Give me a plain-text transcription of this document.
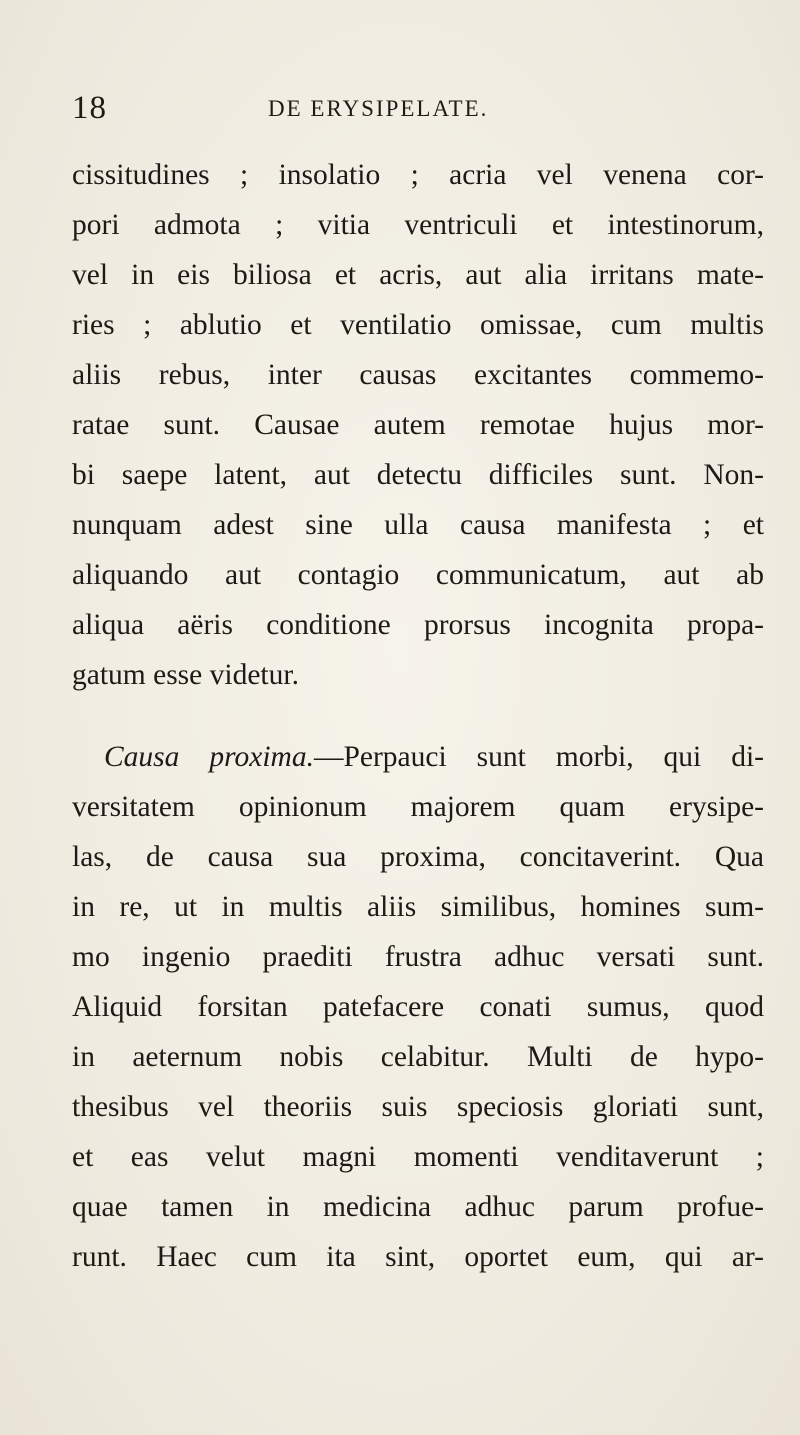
18	DE ERYSIPELATE.
cissitudines ; insolatio ; acria vel venena cor-
pori admota ; vitia ventriculi et intestinorum,
vel in eis biliosa et acris, aut alia irritans mate-
ries ; ablutio et ventilatio omissae, cum multis
aliis rebus, inter causas excitantes commemo-
ratae sunt. Causae autem remotae hujus mor-
bi saepe latent, aut detectu difficiles sunt. Non-
nunquam adest sine ulla causa manifesta ; et
aliquando aut contagio communicatum, aut ab
aliqua aëris conditione prorsus incognita propa-
gatum esse videtur.
Causa proxima.—Perpauci sunt morbi, qui di-
versitatem opinionum majorem quam erysipe-
las, de causa sua proxima, concitaverint. Qua
in re, ut in multis aliis similibus, homines sum-
mo ingenio praediti frustra adhuc versati sunt.
Aliquid forsitan patefacere conati sumus, quod
in aeternum nobis celabitur. Multi de hypo-
thesibus vel theoriis suis speciosis gloriati sunt,
et eas velut magni momenti venditaverunt ;
quae tamen in medicina adhuc parum profue-
runt. Haec cum ita sint, oportet eum, qui ar-
